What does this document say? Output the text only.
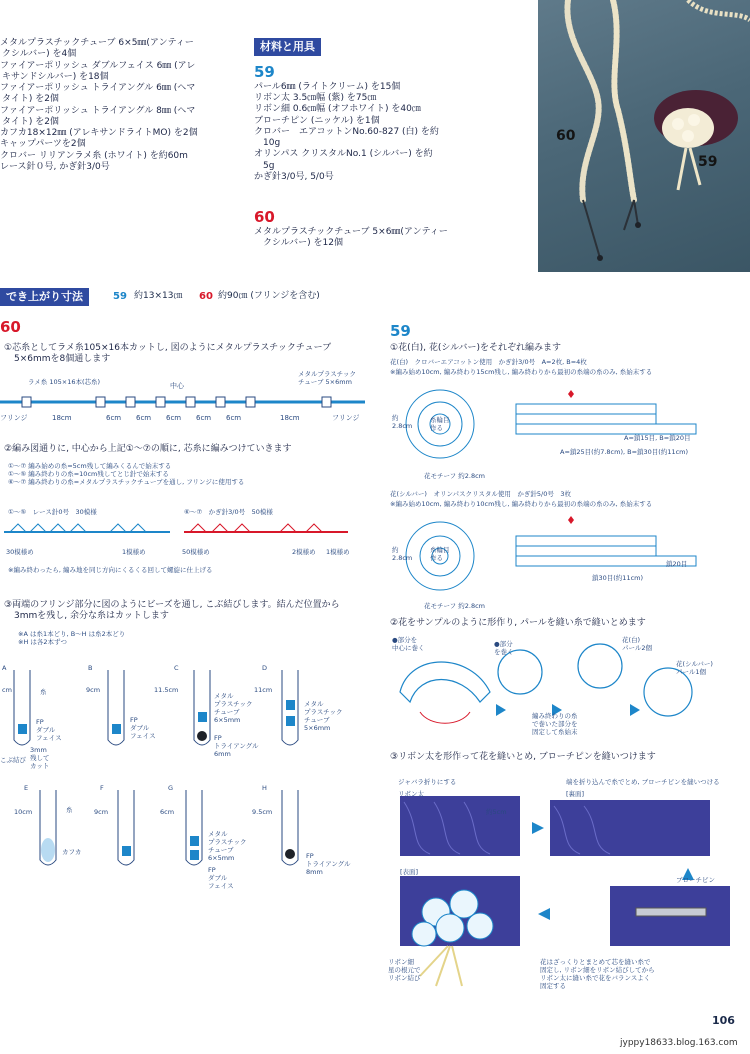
メタルプラスチックチューブ 6×5㎜(アンティー
クシルバー) を4個
ファイアーポリッシュ ダブルフェイス 6㎜ (アレ
キサンドシルバー) を18個
ファイアーポリッシュ トライアングル 6㎜ (ヘマ
タイト) を2個
ファイアーポリッシュ トライアングル 8㎜ (ヘマ
タイト) を2個
カフカ18×12㎜ (アレキサンドライトMO) を2個
キャップパーツを2個
クロバー リリアンラメ糸 (ホワイト) を約60m
レース針０号, かぎ針3/0号
材料と用具
59
パール6㎜ (ライトクリーム) を15個
リボン太 3.5㎝幅 (紫) を75㎝
リボン細 0.6㎝幅 (オフホワイト) を40㎝
ブローチピン (ニッケル) を1個
クロバー　エアコットンNo.60-827 (白) を約
　10g
オリンパス クリスタルNo.1 (シルバー) を約
　5g
かぎ針3/0号, 5/0号
60
メタルプラスチックチューブ 5×6㎜(アンティー
　クシルバー) を12個
60
59
でき上がり寸法	59 約13×13㎝ 60 約90㎝ (フリンジを含む)
60
①芯糸としてラメ糸105×16本カットし, 図のようにメタルプラスチックチューブ
5×6mmを8個通します
中心
フリンジ	フリンジ
18cm	6cm 6cm 6cm 6cm 6cm	18cm
ラメ糸 105×16本(芯糸)
メタルプラスチック
チューブ 5×6mm
②編み図通りに, 中心から上記①〜⑦の順に, 芯糸に編みつけていきます
①〜⑦ 編み始めの糸=5cm残して編みくるんで始末する
①〜⑤ 編み終わりの糸=10cm残してとじ針で始末する
⑥〜⑦ 編み終わりの糸=メタルプラスチックチューブを通し, フリンジに使用する
①〜⑤　レース針0号　30模様	⑥〜⑦　かぎ針3/0号　50模様
30模様め	1模様め	50模様め	2模様め 1模様め
※編み終わったら, 編み地を同じ方向にくるくる回して螺旋に仕上げる
③両端のフリンジ部分に図のようにビーズを通し, こぶ結びします。結んだ位置から
3mmを残し, 余分な糸はカットします
※A は糸1本どり, B〜H は糸2本どり
※H は各2本ずつ
A	B	C	D
E	F	G	H
cm	9cm	11.5cm	11cm
10cm	9cm	6cm	9.5cm
糸
FP
ダブル
フェイス
3mm
残して
カット
こぶ結び
FP
ダブル
フェイス
メタル
プラスチック
チューブ
6×5mm
FP
トライアングル
6mm
メタル
プラスチック
チューブ
5×6mm
糸
カフカ
メタル
プラスチック
チューブ
6×5mm
FP
ダブル
フェイス
FP
トライアングル
8mm
59
①花(白), 花(シルバー)をそれぞれ編みます
花(白)　クロバーエアコットン使用　かぎ針3/0号　A=2枚, B=4枚
※編み始め10cm, 編み終わり15cm残し, 編み終わりから最初の糸端の糸のみ, 糸始末する
約
2.8cm
糸輪目
作る
花モチーフ 約2.8cm
A=鎖15目, B=鎖20目
A=鎖25目(約7.8cm), B=鎖30目(約11cm)
花(シルバー)　オリンパスクリスタル使用　かぎ針5/0号　3枚
※編み始め10cm, 編み終わり10cm残し, 編み終わりから最初の糸端の糸のみ, 糸始末する
約
2.8cm
糸輪目
作る
花モチーフ 約2.8cm
鎖20目
鎖30目(約11cm)
②花をサンプルのように形作り, パールを縫い糸で縫いとめます
●部分を
中心に巻く
●部分
を巻く
編み終わりの糸
で巻いた部分を
固定して糸始末
花(白)
パール2個
花(シルバー)
パール1個
③リボン太を形作って花を縫いとめ, ブローチピンを縫いつけます
ジャバラ折りにする
リボン太
約5cm
端を折り込んで糸でとめ, ブローチピンを縫いつける
[裏面]
ブローチピン
[表面]
リボン細
星の根元で
リボン結び
花はざっくりとまとめて芯を縫い糸で
固定し, リボン細をリボン結びしてから
リボン太に縫い糸で花をバランスよく
固定する
106
jyppy18633.blog.163.com
